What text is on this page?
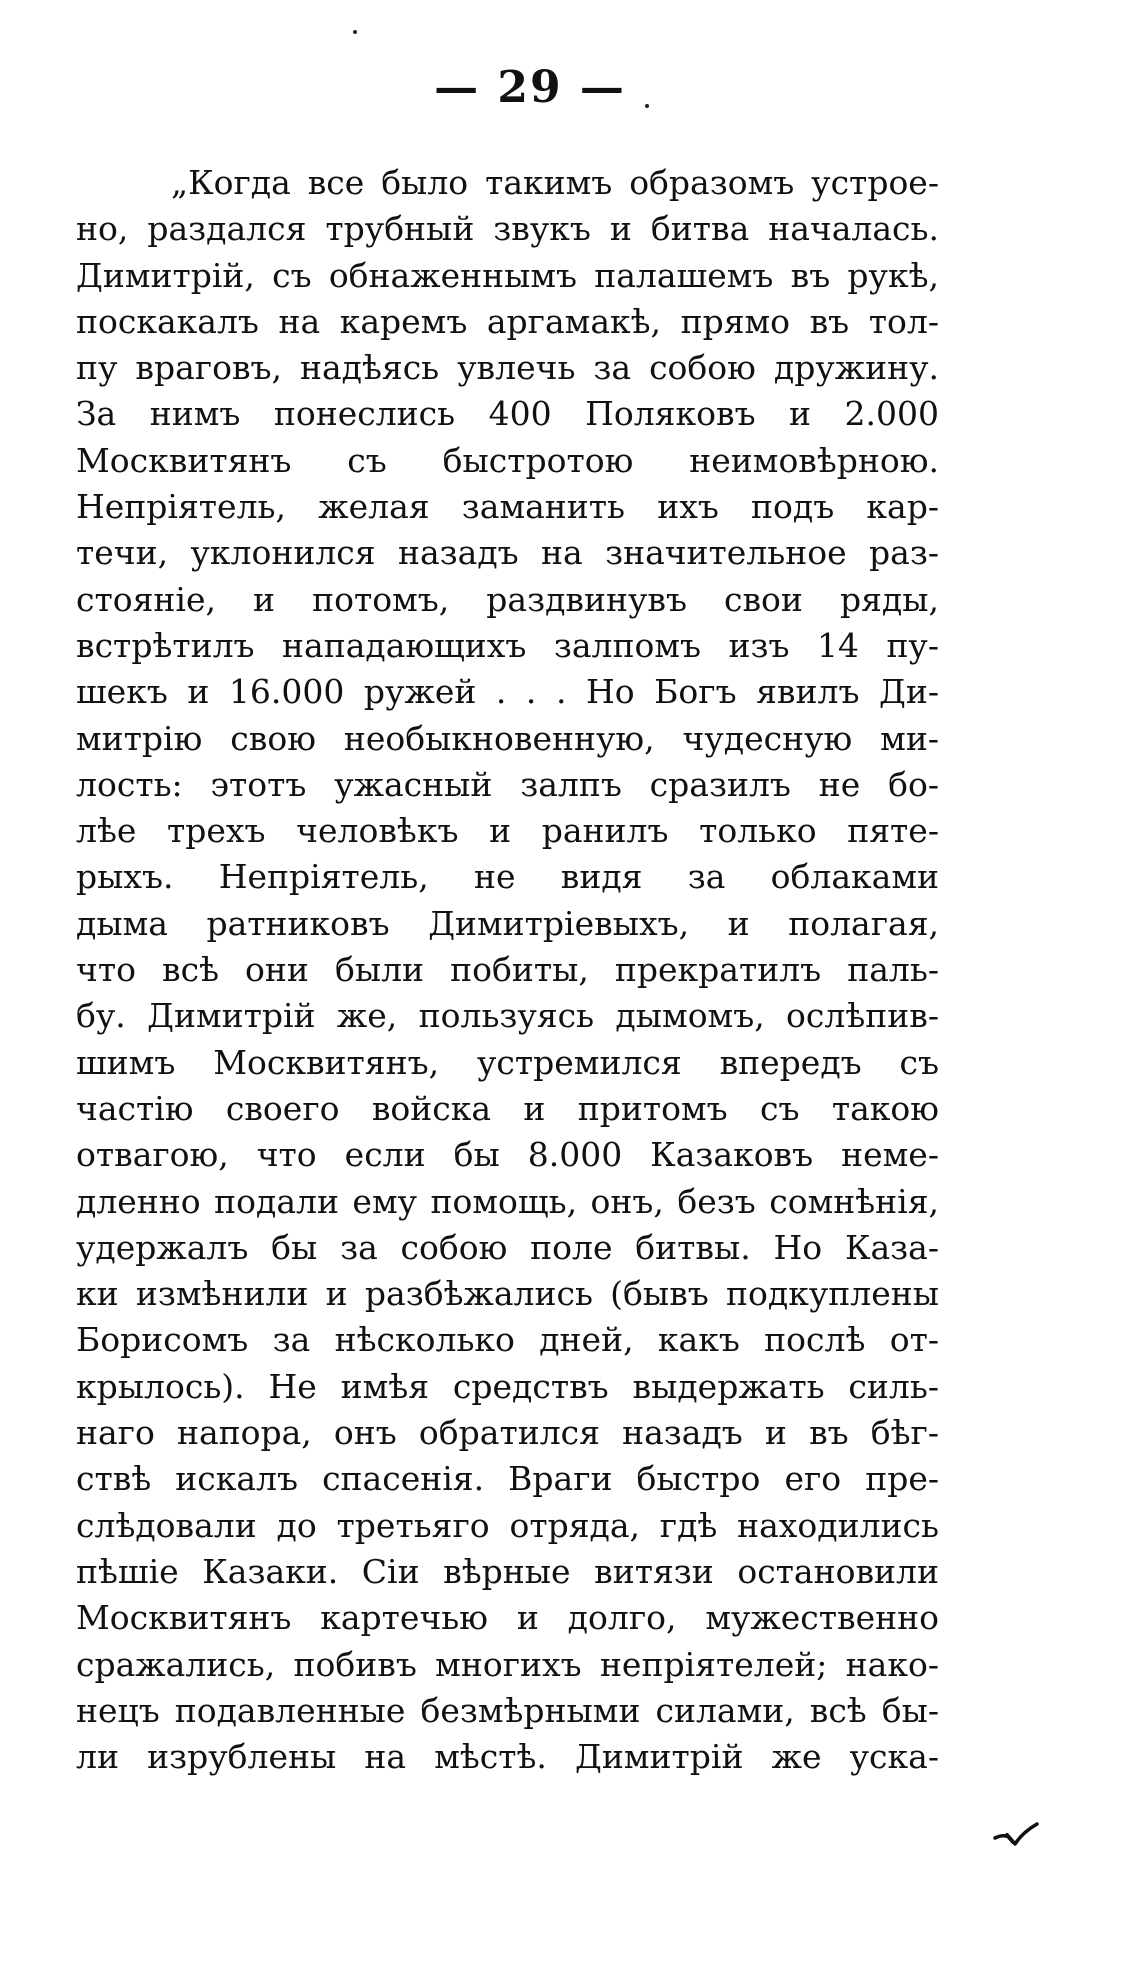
— 29 —
„Когда все было такимъ образомъ устрое-
но, раздался трубный звукъ и битва началась.
Димитрій, съ обнаженнымъ палашемъ въ рукѣ,
поскакалъ на каремъ аргамакѣ, прямо въ тол-
пу враговъ, надѣясь увлечь за собою дружину.
За нимъ понеслись 400 Поляковъ и 2.000
Москвитянъ съ быстротою неимовѣрною.
Непріятель, желая заманить ихъ подъ кар-
течи, уклонился назадъ на значительное раз-
стояніе, и потомъ, раздвинувъ свои ряды,
встрѣтилъ нападающихъ залпомъ изъ 14 пу-
шекъ и 16.000 ружей . . . Но Богъ явилъ Ди-
митрію свою необыкновенную, чудесную ми-
лость: этотъ ужасный залпъ сразилъ не бо-
лѣе трехъ человѣкъ и ранилъ только пяте-
рыхъ. Непріятель, не видя за облаками
дыма ратниковъ Димитріевыхъ, и полагая,
что всѣ они были побиты, прекратилъ паль-
бу. Димитрій же, пользуясь дымомъ, ослѣпив-
шимъ Москвитянъ, устремился впередъ съ
частію своего войска и притомъ съ такою
отвагою, что если бы 8.000 Казаковъ неме-
дленно подали ему помощь, онъ, безъ сомнѣнія,
удержалъ бы за собою поле битвы. Но Каза-
ки измѣнили и разбѣжались (бывъ подкуплены
Борисомъ за нѣсколько дней, какъ послѣ от-
крылось). Не имѣя средствъ выдержать силь-
наго напора, онъ обратился назадъ и въ бѣг-
ствѣ искалъ спасенія. Враги быстро его пре-
слѣдовали до третьяго отряда, гдѣ находились
пѣшіе Казаки. Сіи вѣрные витязи остановили
Москвитянъ картечью и долго, мужественно
сражались, побивъ многихъ непріятелей; нако-
нецъ подавленные безмѣрными силами, всѣ бы-
ли изрублены на мѣстѣ. Димитрій же уска-
